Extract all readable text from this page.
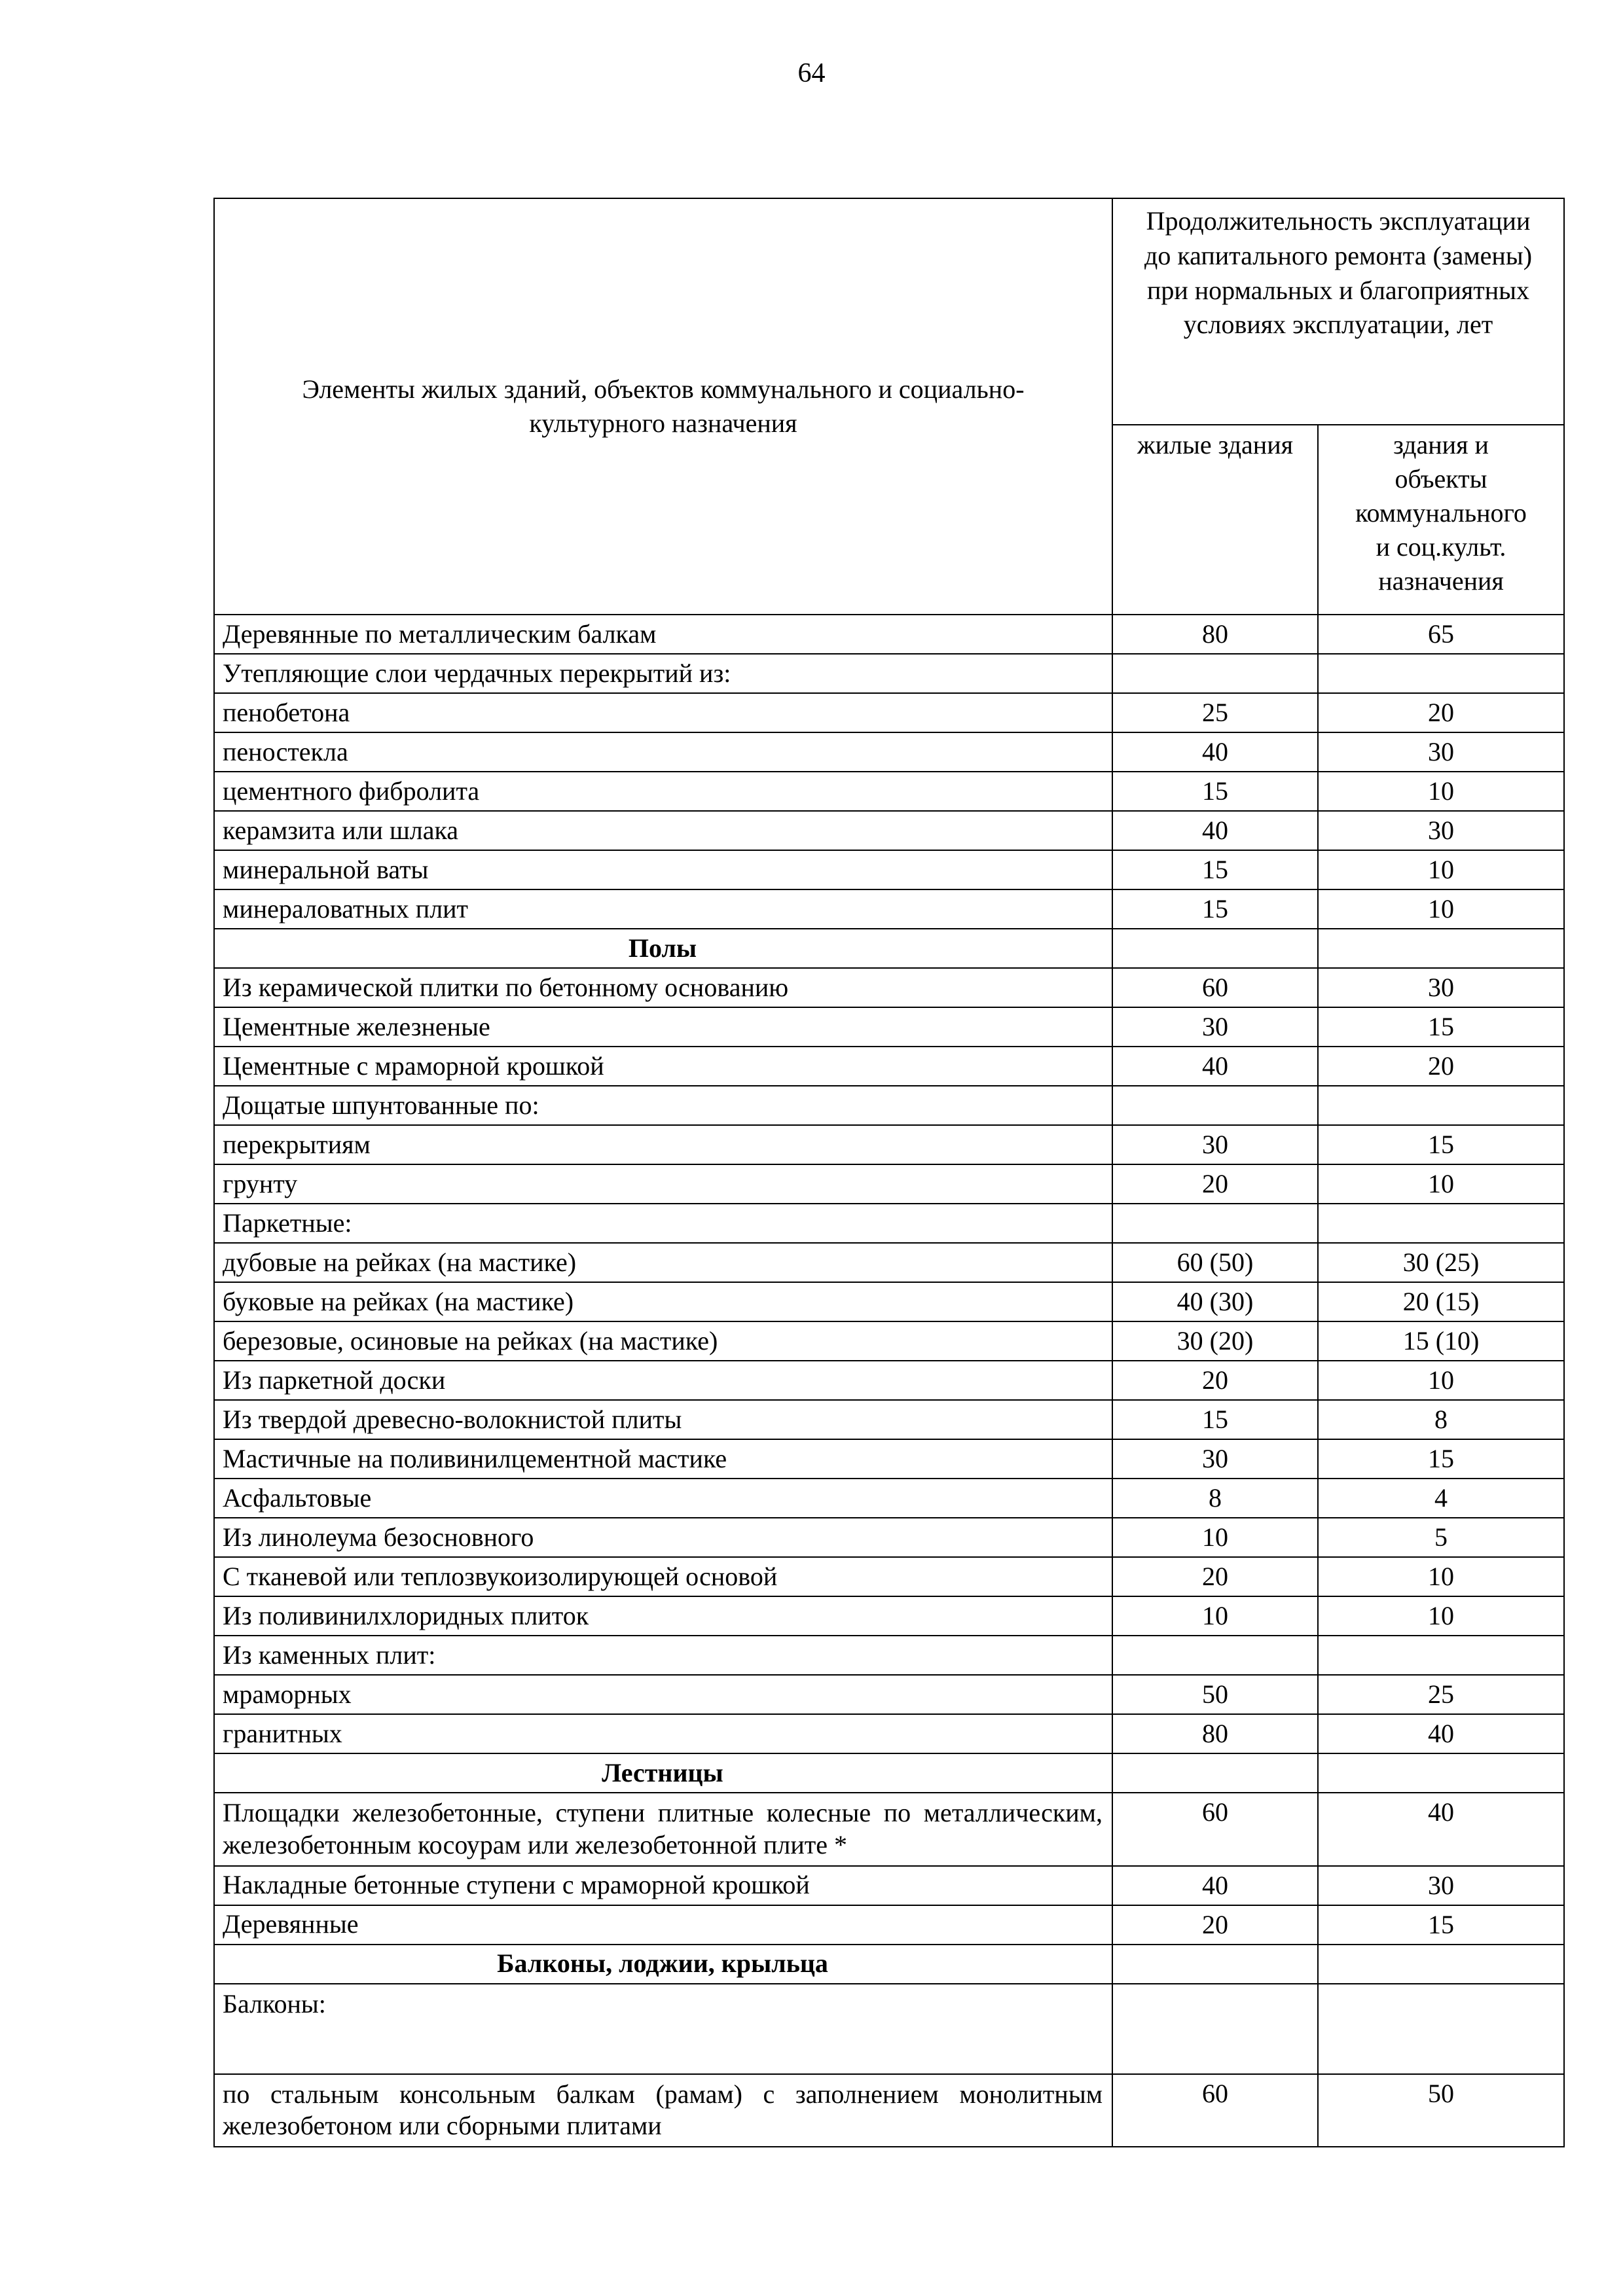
64
Элементы жилых зданий, объектов коммунального и социально-культурного назначения	Продолжительность эксплуатации до капитального ремонта (замены) при нормальных и благоприятных условиях эксплуатации, лет	
	жилые здания	здания и объекты коммунального и соц.культ. назначения
Деревянные по металлическим балкам	80	65
Утепляющие слои чердачных перекрытий из:		
пенобетона	25	20
пеностекла	40	30
цементного фибролита	15	10
керамзита или шлака	40	30
минеральной ваты	15	10
минераловатных плит	15	10
Полы		
Из керамической плитки по бетонному основанию	60	30
Цементные железненые	30	15
Цементные с мраморной крошкой	40	20
Дощатые шпунтованные по:		
перекрытиям	30	15
грунту	20	10
Паркетные:		
дубовые на рейках (на мастике)	60 (50)	30 (25)
буковые на рейках (на мастике)	40 (30)	20 (15)
березовые, осиновые на рейках (на мастике)	30 (20)	15 (10)
Из паркетной доски	20	10
Из твердой древесно-волокнистой плиты	15	8
Мастичные на поливинилцементной мастике	30	15
Асфальтовые	8	4
Из линолеума безосновного	10	5
С тканевой или теплозвукоизолирующей основой	20	10
Из поливинилхлоридных плиток	10	10
Из каменных плит:		
мраморных	50	25
гранитных	80	40
Лестницы		
Площадки железобетонные, ступени плитные колесные по металлическим, железобетонным косоурам или железобетонной плите *	60	40
Накладные бетонные ступени с мраморной крошкой	40	30
Деревянные	20	15
Балконы, лоджии, крыльца		
Балконы:		
по стальным консольным балкам (рамам) с заполнением монолитным железобетоном или сборными плитами	60	50
